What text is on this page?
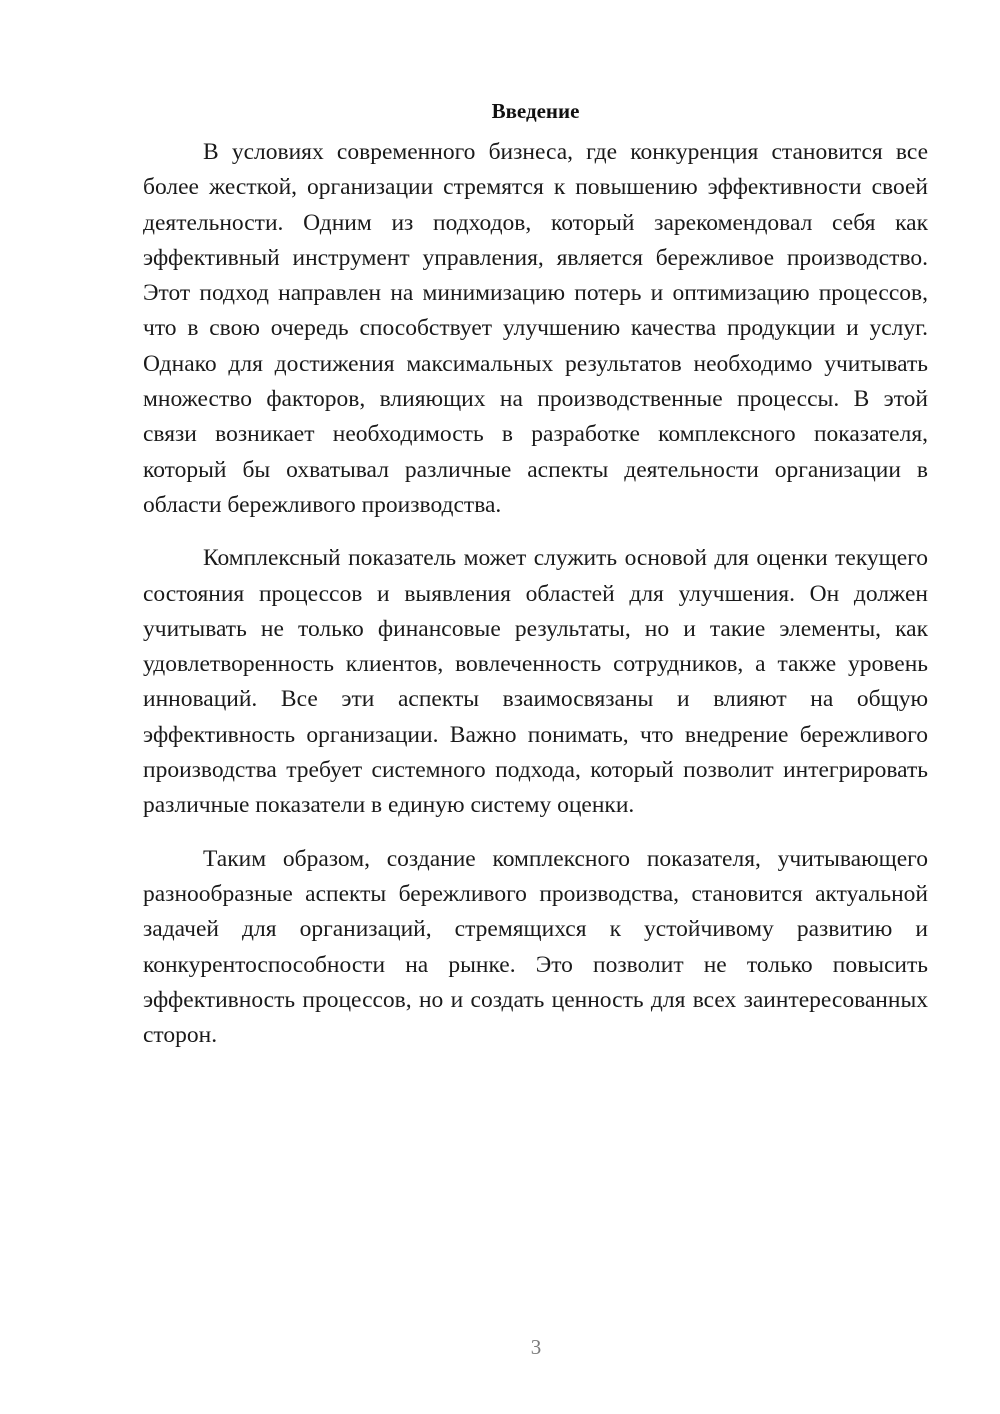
Введение

В условиях современного бизнеса, где конкуренция становится все более жесткой, организации стремятся к повышению эффективности своей деятельности. Одним из подходов, который зарекомендовал себя как эффективный инструмент управления, является бережливое производство. Этот подход направлен на минимизацию потерь и оптимизацию процессов, что в свою очередь способствует улучшению качества продукции и услуг. Однако для достижения максимальных результатов необходимо учитывать множество факторов, влияющих на производственные процессы. В этой связи возникает необходимость в разработке комплексного показателя, который бы охватывал различные аспекты деятельности организации в области бережливого производства.

Комплексный показатель может служить основой для оценки текущего состояния процессов и выявления областей для улучшения. Он должен учитывать не только финансовые результаты, но и такие элементы, как удовлетворенность клиентов, вовлеченность сотрудников, а также уровень инноваций. Все эти аспекты взаимосвязаны и влияют на общую эффективность организации. Важно понимать, что внедрение бережливого производства требует системного подхода, который позволит интегрировать различные показатели в единую систему оценки.

Таким образом, создание комплексного показателя, учитывающего разнообразные аспекты бережливого производства, становится актуальной задачей для организаций, стремящихся к устойчивому развитию и конкурентоспособности на рынке. Это позволит не только повысить эффективность процессов, но и создать ценность для всех заинтересованных сторон.

3
